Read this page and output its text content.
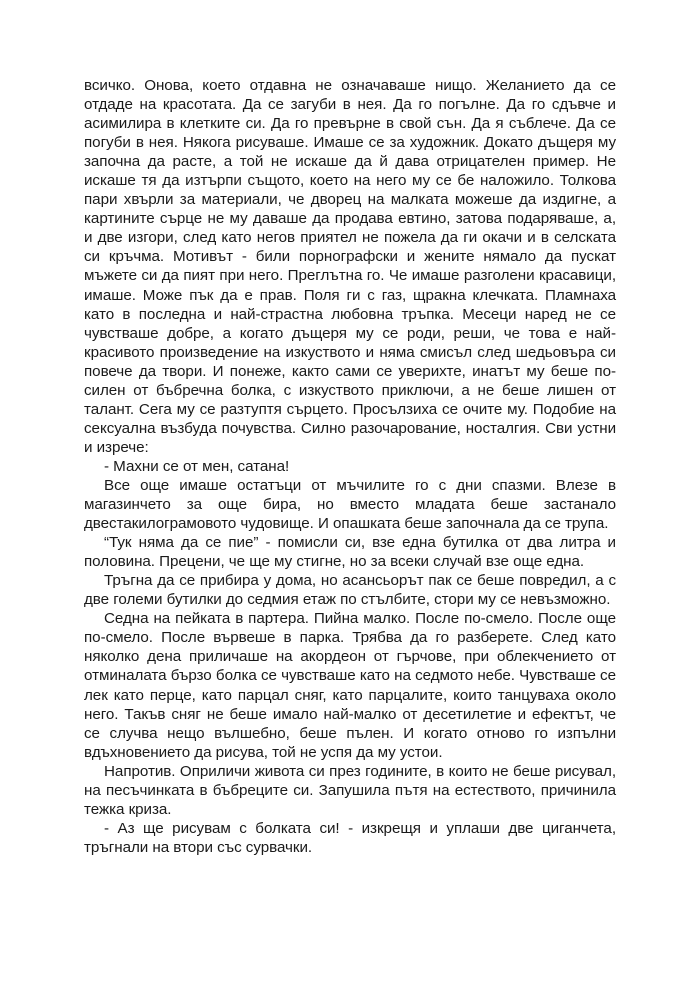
всичко. Онова, което отдавна не означаваше нищо. Желанието да се отдаде на красотата. Да се загуби в нея. Да го погълне. Да го сдъвче и асимилира в клетките си. Да го превърне в свой сън. Да я съблече. Да се погуби в нея. Някога рисуваше. Имаше се за художник. Докато дъщеря му започна да расте, а той не искаше да й дава отрицателен пример. Не искаше тя да изтърпи същото, което на него му се бе наложило. Толкова пари хвърли за материали, че дворец на малката можеше да издигне, а картините сърце не му даваше да продава евтино, затова подаряваше, а, и две изгори, след като негов приятел не пожела да ги окачи и в селската си кръчма. Мотивът - били порнографски и жените нямало да пускат мъжете си да пият при него. Преглътна го. Че имаше разголени красавици, имаше. Може пък да е прав. Поля ги с газ, щракна клечката. Пламнаха като в последна и най-страстна любовна тръпка. Месеци наред не се чувстваше добре, а когато дъщеря му се роди, реши, че това е най-красивото произведение на изкуството и няма смисъл след шедьовъра си повече да твори. И понеже, както сами се уверихте, инатът му беше по-силен от бъбречна болка, с изкуството приключи, а не беше лишен от талант. Сега му се разтуптя сърцето. Просълзиха се очите му. Подобие на сексуална възбуда почувства. Силно разочарование, носталгия. Сви устни и изрече:

- Махни се от мен, сатана!

Все още имаше остатъци от мъчилите го с дни спазми. Влезе в магазинчето за още бира, но вместо младата беше застанало двестакилограмовото чудовище. И опашката беше започнала да се трупа.

“Тук няма да се пие” - помисли си, взе една бутилка от два литра и половина. Прецени, че ще му стигне, но за всеки случай взе още една.

Тръгна да се прибира у дома, но асансьорът пак се беше повредил, а с две големи бутилки до седмия етаж по стълбите, стори му се невъзможно.

Седна на пейката в партера. Пийна малко. После по-смело. После още по-смело. После вървеше в парка. Трябва да го разберете. След като няколко дена приличаше на акордеон от гърчове, при облекчението от отминалата бързо болка се чувстваше като на седмото небе. Чувстваше се лек като перце, като парцал сняг, като парцалите, които танцуваха около него. Такъв сняг не беше имало най-малко от десетилетие и ефектът, че се случва нещо вълшебно, беше пълен. И когато отново го изпълни вдъхновението да рисува, той не успя да му устои.

Напротив. Оприличи живота си през годините, в които не беше рисувал, на песъчинката в бъбреците си. Запушила пътя на естеството, причинила тежка криза.

- Аз ще рисувам с болката си! - изкрещя и уплаши две циганчета, тръгнали на втори със сурвачки.
